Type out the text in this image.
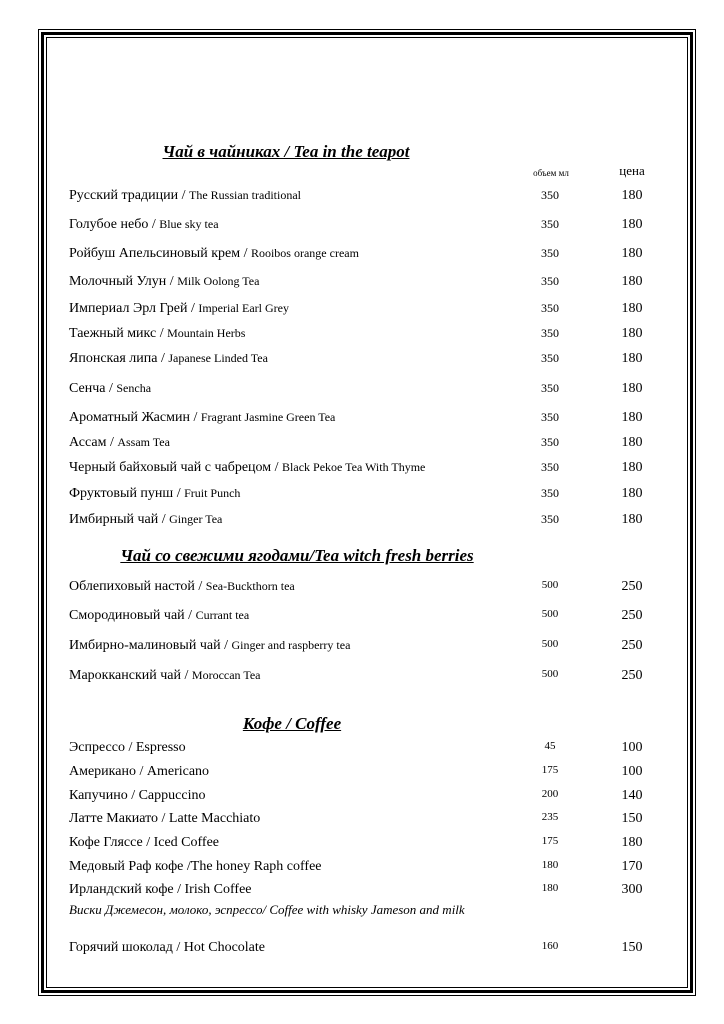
Чай в чайниках / Tea in the teapot
объем мл	цена
Русский традиции / The Russian traditional	350	180
Голубое небо / Blue sky tea	350	180
Ройбуш Апельсиновый крем / Rooibos orange cream	350	180
Молочный Улун / Milk Oolong Tea	350	180
Империал Эрл Грей / Imperial Earl Grey	350	180
Таежный микс / Mountain Herbs	350	180
Японская липа / Japanese Linded Tea	350	180
Сенча / Sencha	350	180
Ароматный Жасмин / Fragrant Jasmine Green Tea	350	180
Ассам / Assam Tea	350	180
Черный байховый чай с чабрецом / Black Pekoe Tea With Thyme	350	180
Фруктовый пунш / Fruit Punch	350	180
Имбирный чай / Ginger Tea	350	180
Чай со свежими ягодами/Tea witch fresh berries
Облепиховый настой / Sea-Buckthorn tea	500	250
Смородиновый чай / Currant tea	500	250
Имбирно-малиновый чай / Ginger and raspberry tea	500	250
Марокканский чай / Moroccan Tea	500	250
Кофе / Coffee
Эспрессо / Espresso	45	100
Американо / Americano	175	100
Капучино / Cappuccino	200	140
Латте Макиато / Latte Macchiato	235	150
Кофе Гляссе / Iced Coffee	175	180
Медовый Раф кофе /The honey Raph coffee	180	170
Ирландский кофе / Irish Coffee	180	300
Виски Джемесон, молоко, эспрессо/ Coffee with whisky Jameson and milk
Горячий шоколад / Hot Chocolate	160	150
